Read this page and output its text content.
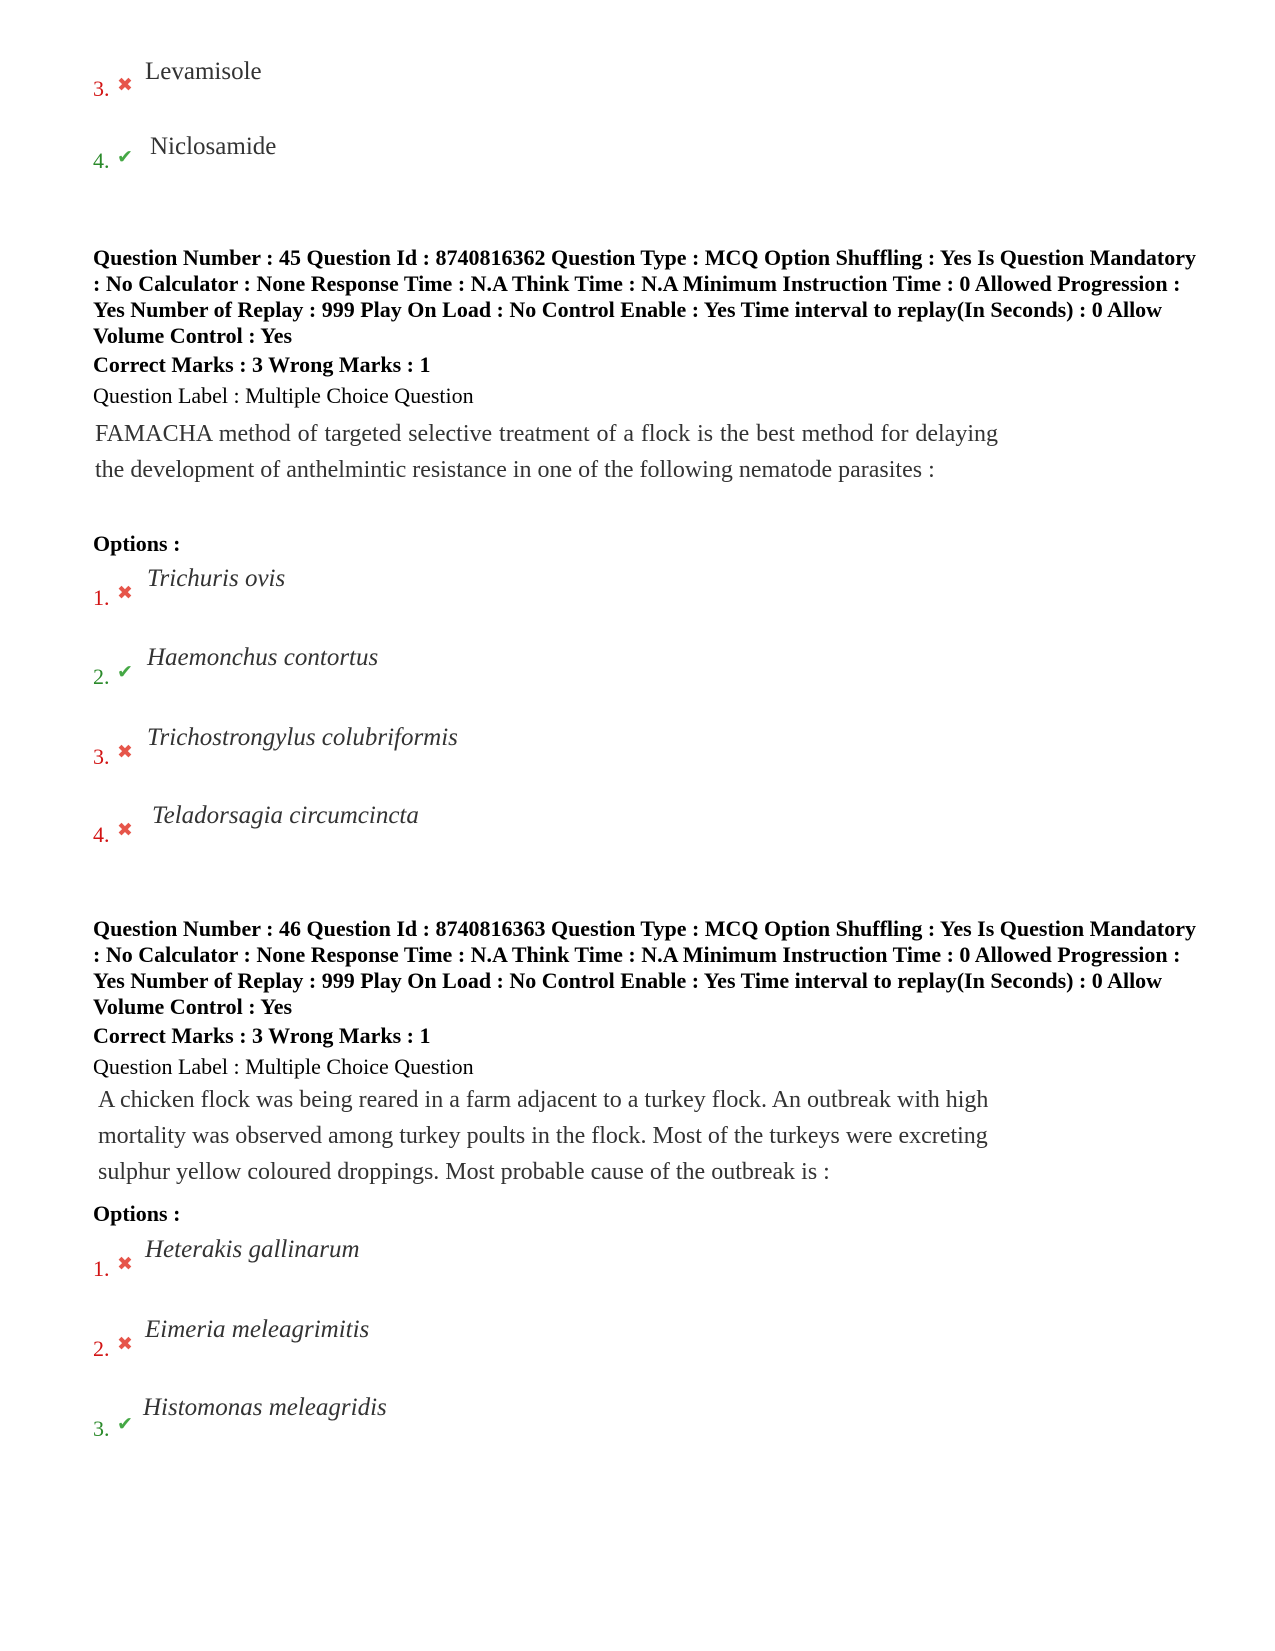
3. ✖ Levamisole
4. ✔ Niclosamide
Question Number : 45 Question Id : 8740816362 Question Type : MCQ Option Shuffling : Yes Is Question Mandatory : No Calculator : None Response Time : N.A Think Time : N.A Minimum Instruction Time : 0 Allowed Progression : Yes Number of Replay : 999 Play On Load : No Control Enable : Yes Time interval to replay(In Seconds) : 0 Allow Volume Control : Yes
Correct Marks : 3 Wrong Marks : 1
Question Label : Multiple Choice Question
FAMACHA method of targeted selective treatment of a flock is the best method for delaying the development of anthelmintic resistance in one of the following nematode parasites :
Options :
1. ✖
Trichuris ovis
2. ✔
Haemonchus contortus
3. ✖
Trichostrongylus colubriformis
4. ✖
Teladorsagia circumcincta
Question Number : 46 Question Id : 8740816363 Question Type : MCQ Option Shuffling : Yes Is Question Mandatory : No Calculator : None Response Time : N.A Think Time : N.A Minimum Instruction Time : 0 Allowed Progression : Yes Number of Replay : 999 Play On Load : No Control Enable : Yes Time interval to replay(In Seconds) : 0 Allow Volume Control : Yes
Correct Marks : 3 Wrong Marks : 1
Question Label : Multiple Choice Question
A chicken flock was being reared in a farm adjacent to a turkey flock. An outbreak with high mortality was observed among turkey poults in the flock. Most of the turkeys were excreting sulphur yellow coloured droppings. Most probable cause of the outbreak is :
Options :
1. ✖
Heterakis gallinarum
2. ✖
Eimeria meleagrimitis
3. ✔
Histomonas meleagridis
